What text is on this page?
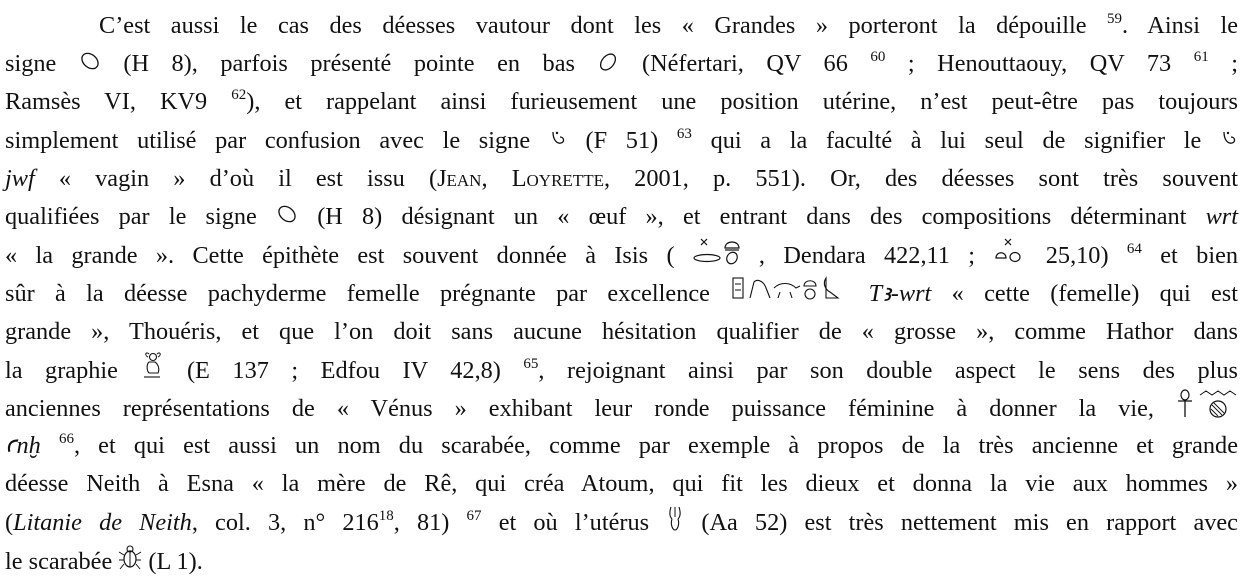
C’est aussi le cas des déesses vautour dont les « Grandes » porteront la dépouille $^{59}$. Ainsi le
signe
(H 8), parfois présenté pointe en bas
(Néfertari, QV 66 $^{60}$ ; Henouttaouy, QV 73 $^{61}$ ;
Ramsès VI, KV9 $^{62}$), et rappelant ainsi furieusement une position utérine, n’est peut-être pas toujours
simplement utilisé par confusion avec le signe
(F 51) $^{63}$ qui a la faculté à lui seul de signifier le
jwf « vagin » d’où il est issu (Jean, Loyrette, 2001, p. 551). Or, des déesses sont très souvent
qualifiées par le signe
(H 8) désignant un « œuf », et entrant dans des compositions déterminant wrt
« la grande ». Cette épithète est souvent donnée à Isis (	, Dendara 422,11 ;
25,10) $^{64}$ et bien
sûr à la déesse pachyderme femelle prégnante par excellence	Tꜣ-wrt « cette (femelle) qui est
grande », Thouéris, et que l’on doit sans aucune hésitation qualifier de « grosse », comme Hathor dans
la graphie
(E 137 ; Edfou IV 42,8) $^{65}$, rejoignant ainsi par son double aspect le sens des plus
anciennes représentations de « Vénus » exhibant leur ronde puissance féminine à donner la vie,
ꜥnḫ $^{66}$, et qui est aussi un nom du scarabée, comme par exemple à propos de la très ancienne et grande
déesse Neith à Esna « la mère de Rê, qui créa Atoum, qui fit les dieux et donna la vie aux hommes »
(Litanie de Neith, col. 3, n° $216^{18}$, 81) $^{67}$ et où l’utérus
(Aa 52) est très nettement mis en rapport avec
le scarabée
(L 1).
